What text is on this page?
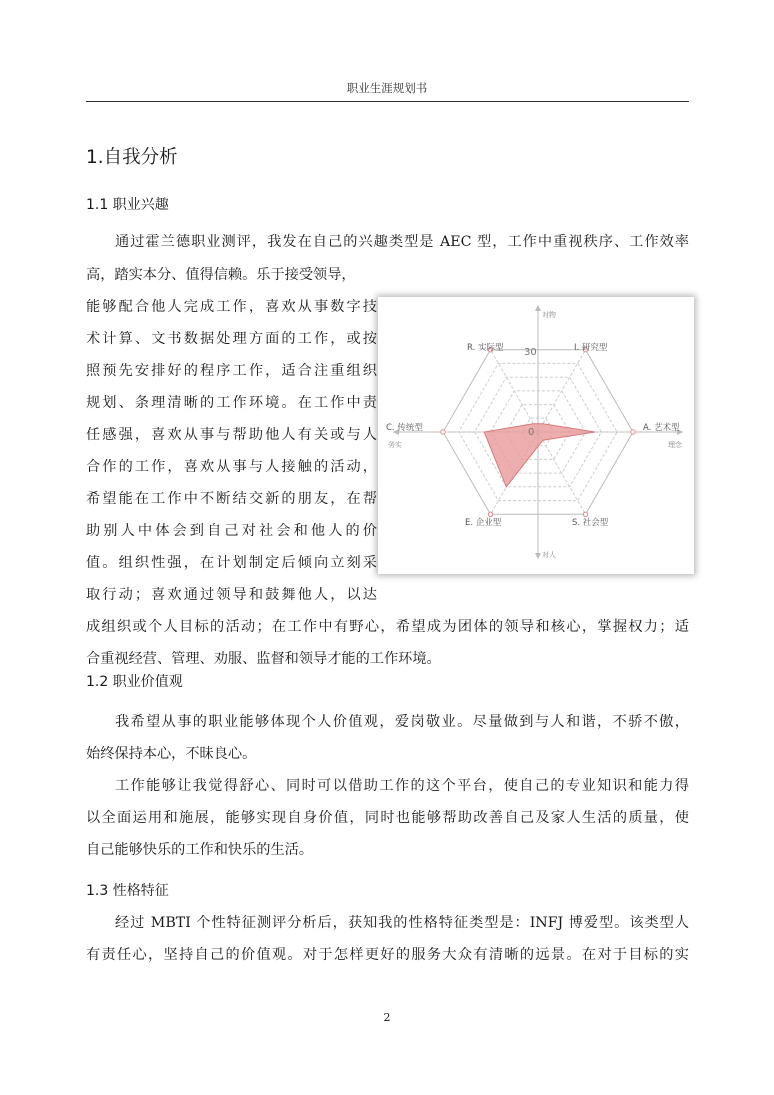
职业生涯规划书
1.自我分析
1.1 职业兴趣
通过霍兰德职业测评，我发在自己的兴趣类型是 AEC 型，工作中重视秩序、工作效率
高，踏实本分、值得信赖。乐于接受领导，
能够配合他人完成工作，喜欢从事数字技
术计算、文书数据处理方面的工作，或按
照预先安排好的程序工作，适合注重组织
规划、条理清晰的工作环境。在工作中责
任感强，喜欢从事与帮助他人有关或与人
合作的工作，喜欢从事与人接触的活动，
希望能在工作中不断结交新的朋友，在帮
助别人中体会到自己对社会和他人的价
值。组织性强，在计划制定后倾向立刻采
取行动；喜欢通过领导和鼓舞他人，以达
成组织或个人目标的活动；在工作中有野心，希望成为团体的领导和核心，掌握权力；适
合重视经营、管理、劝服、监督和领导才能的工作环境。
I. 研究型
A. 艺术型
S. 社会型
E. 企业型
C. 传统型
R. 实际型 30
0
对物
对人
务实	理念
1.2 职业价值观
我希望从事的职业能够体现个人价值观，爱岗敬业。尽量做到与人和谐，不骄不傲，
始终保持本心，不昧良心。
工作能够让我觉得舒心、同时可以借助工作的这个平台，使自己的专业知识和能力得
以全面运用和施展，能够实现自身价值，同时也能够帮助改善自己及家人生活的质量，使
自己能够快乐的工作和快乐的生活。
1.3 性格特征
经过 MBTI 个性特征测评分析后，获知我的性格特征类型是：INFJ 博爱型。该类型人
有责任心，坚持自己的价值观。对于怎样更好的服务大众有清晰的远景。在对于目标的实
2
